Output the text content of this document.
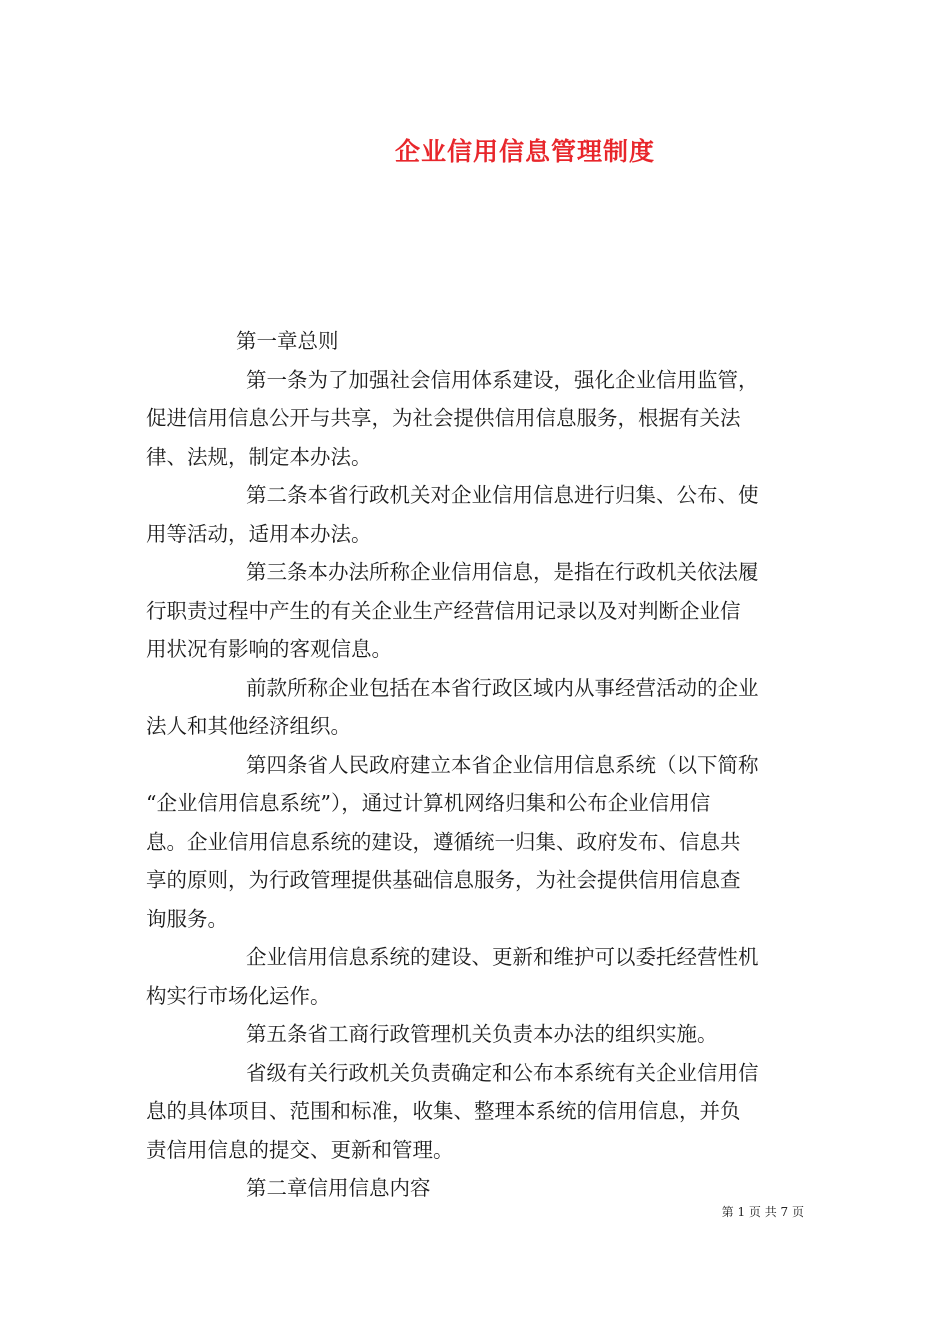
企业信用信息管理制度
第一章总则
第一条为了加强社会信用体系建设，强化企业信用监管，
促进信用信息公开与共享，为社会提供信用信息服务，根据有关法
律、法规，制定本办法。
第二条本省行政机关对企业信用信息进行归集、公布、使
用等活动，适用本办法。
第三条本办法所称企业信用信息，是指在行政机关依法履
行职责过程中产生的有关企业生产经营信用记录以及对判断企业信
用状况有影响的客观信息。
前款所称企业包括在本省行政区域内从事经营活动的企业
法人和其他经济组织。
第四条省人民政府建立本省企业信用信息系统（以下简称
“企业信用信息系统”），通过计算机网络归集和公布企业信用信
息。企业信用信息系统的建设，遵循统一归集、政府发布、信息共
享的原则，为行政管理提供基础信息服务，为社会提供信用信息查
询服务。
企业信用信息系统的建设、更新和维护可以委托经营性机
构实行市场化运作。
第五条省工商行政管理机关负责本办法的组织实施。
省级有关行政机关负责确定和公布本系统有关企业信用信
息的具体项目、范围和标准，收集、整理本系统的信用信息，并负
责信用信息的提交、更新和管理。
第二章信用信息内容
第 1 页 共 7 页
